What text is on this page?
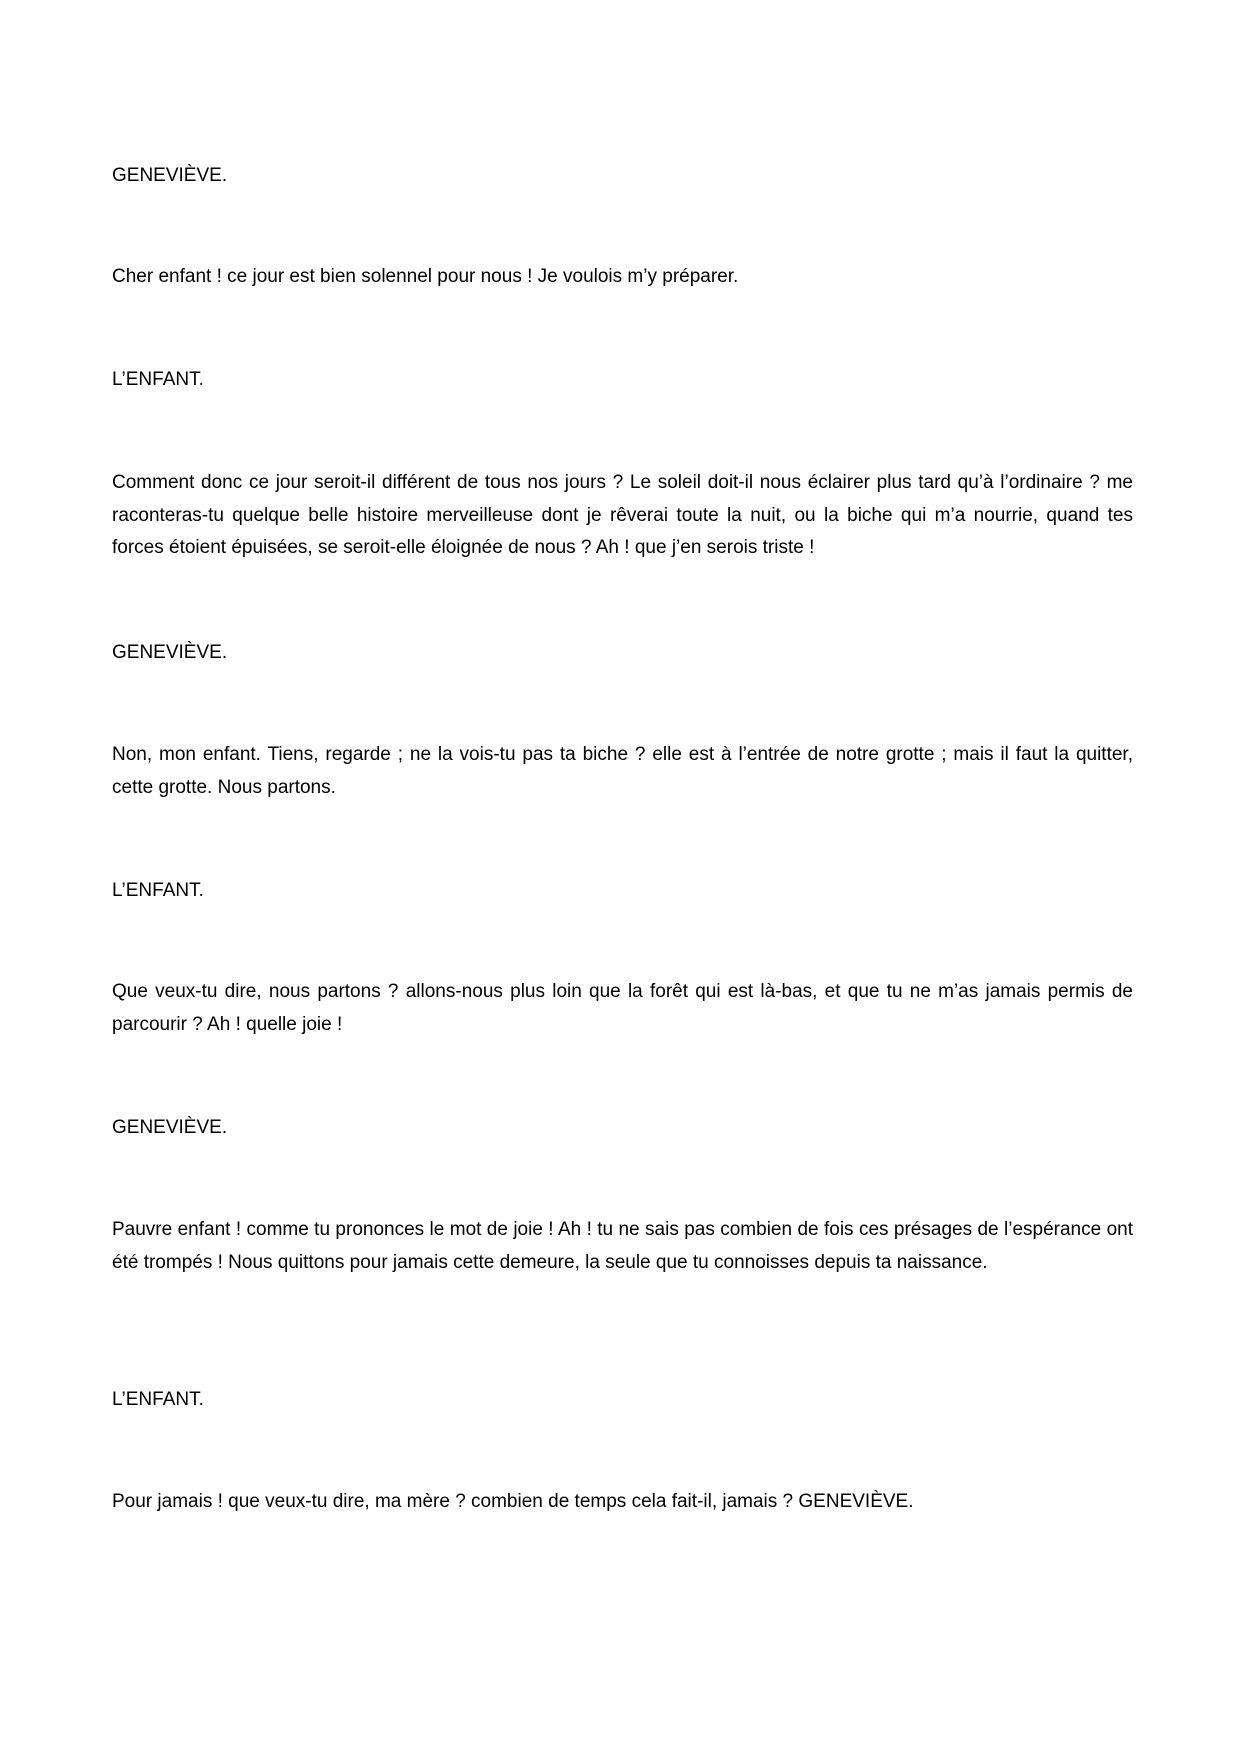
GENEVIÈVE.

Cher enfant ! ce jour est bien solennel pour nous ! Je voulois m’y préparer.

L’ENFANT.

Comment donc ce jour seroit-il différent de tous nos jours ? Le soleil doit-il nous éclairer plus tard qu’à l’ordinaire ? me raconteras-tu quelque belle histoire merveilleuse dont je rêverai toute la nuit, ou la biche qui m’a nourrie, quand tes forces étoient épuisées, se seroit-elle éloignée de nous ? Ah ! que j’en serois triste !

GENEVIÈVE.

Non, mon enfant. Tiens, regarde ; ne la vois-tu pas ta biche ? elle est à l’entrée de notre grotte ; mais il faut la quitter, cette grotte. Nous partons.

L’ENFANT.

Que veux-tu dire, nous partons ? allons-nous plus loin que la forêt qui est là-bas, et que tu ne m’as jamais permis de parcourir ? Ah ! quelle joie !

GENEVIÈVE.

Pauvre enfant ! comme tu prononces le mot de joie ! Ah ! tu ne sais pas combien de fois ces présages de l’espérance ont été trompés ! Nous quittons pour jamais cette demeure, la seule que tu connoisses depuis ta naissance.

L’ENFANT.

Pour jamais ! que veux-tu dire, ma mère ? combien de temps cela fait-il, jamais ? GENEVIÈVE.
